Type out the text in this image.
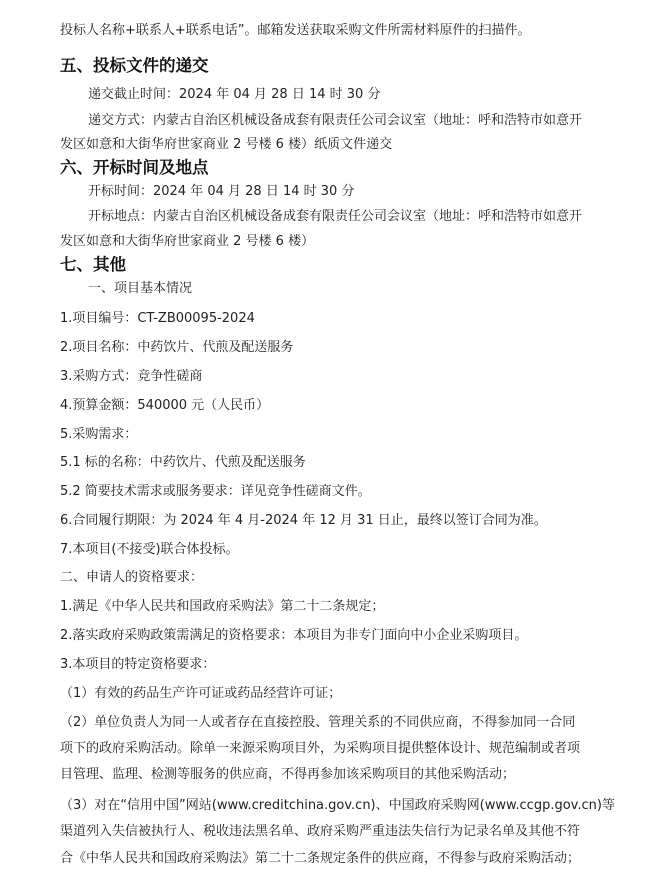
投标人名称+联系人+联系电话”。邮箱发送获取采购文件所需材料原件的扫描件。
五、投标文件的递交
递交截止时间：2024 年 04 月 28 日 14 时 30 分
递交方式：内蒙古自治区机械设备成套有限责任公司会议室（地址：呼和浩特市如意开
发区如意和大街华府世家商业 2 号楼 6 楼）纸质文件递交
六、开标时间及地点
开标时间：2024 年 04 月 28 日 14 时 30 分
开标地点：内蒙古自治区机械设备成套有限责任公司会议室（地址：呼和浩特市如意开
发区如意和大街华府世家商业 2 号楼 6 楼）
七、其他
一、项目基本情况
1.项目编号：CT-ZB00095-2024
2.项目名称：中药饮片、代煎及配送服务
3.采购方式：竞争性磋商
4.预算金额：540000 元（人民币）
5.采购需求：
5.1 标的名称：中药饮片、代煎及配送服务
5.2 简要技术需求或服务要求：详见竞争性磋商文件。
6.合同履行期限：为 2024 年 4 月-2024 年 12 月 31 日止，最终以签订合同为准。
7.本项目(不接受)联合体投标。
二、申请人的资格要求：
1.满足《中华人民共和国政府采购法》第二十二条规定；
2.落实政府采购政策需满足的资格要求：本项目为非专门面向中小企业采购项目。
3.本项目的特定资格要求：
（1）有效的药品生产许可证或药品经营许可证；
（2）单位负责人为同一人或者存在直接控股、管理关系的不同供应商，不得参加同一合同
项下的政府采购活动。除单一来源采购项目外，为采购项目提供整体设计、规范编制或者项
目管理、监理、检测等服务的供应商，不得再参加该采购项目的其他采购活动；
（3）对在“信用中国”网站(www.creditchina.gov.cn)、中国政府采购网(www.ccgp.gov.cn)等
渠道列入失信被执行人、税收违法黑名单、政府采购严重违法失信行为记录名单及其他不符
合《中华人民共和国政府采购法》第二十二条规定条件的供应商，不得参与政府采购活动；
